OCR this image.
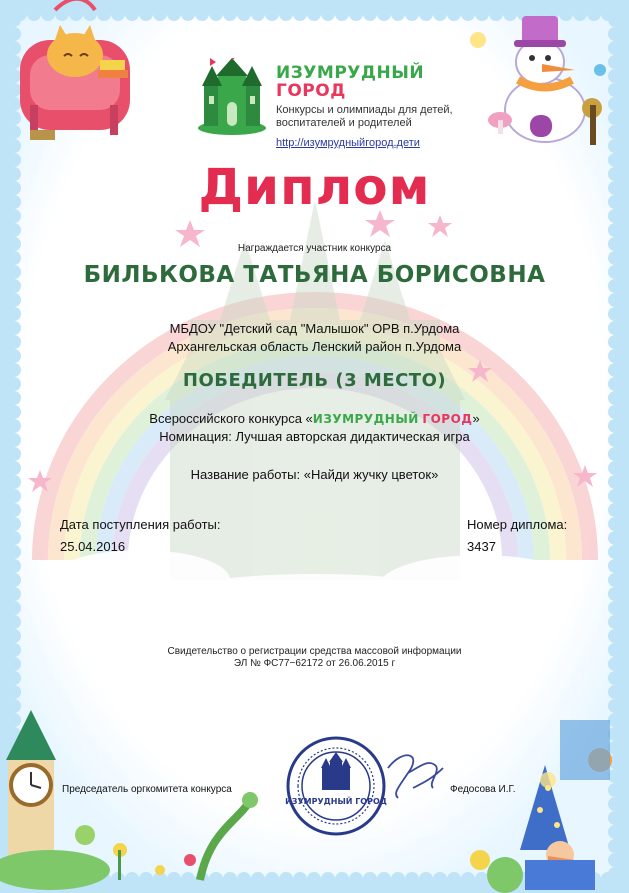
ИЗУМРУДНЫЙ
ГОРОД
Конкурсы и олимпиады для детей, воспитателей и родителей
http://изумрудныйгород.дети
Диплом
Награждается участник конкурса
БИЛЬКОВА ТАТЬЯНА БОРИСОВНА
МБДОУ "Детский сад "Малышок" ОРВ п.Урдома
Архангельская область Ленский район п.Урдома
ПОБЕДИТЕЛЬ (3 МЕСТО)
Всероссийского конкурса «ИЗУМРУДНЫЙ ГОРОД»
Номинация: Лучшая авторская дидактическая игра
Название работы: «Найди жучку цветок»
Дата поступления работы:
25.04.2016
Номер диплома:
3437
Свидетельство о регистрации средства массовой информации
ЭЛ № ФС77−62172 от 26.06.2015 г
Председатель оргкомитета конкурса
ИЗУМРУДНЫЙ ГОРОД
Федосова И.Г.
